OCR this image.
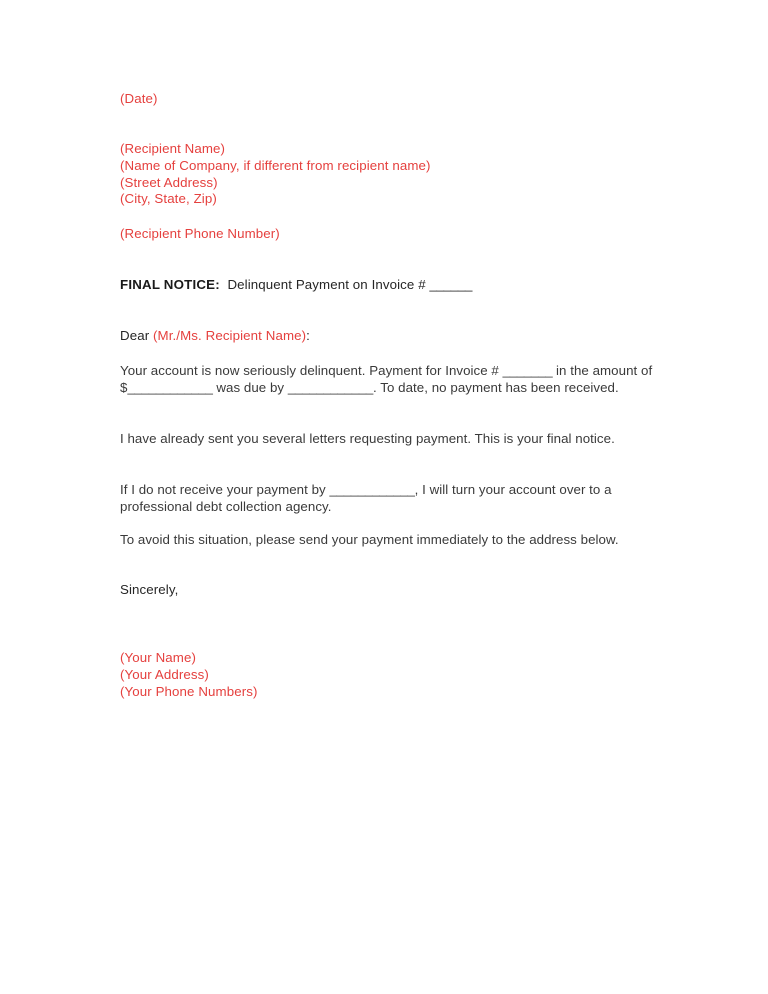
(Date)
(Recipient Name)
(Name of Company, if different from recipient name)
(Street Address)
(City, State, Zip)
(Recipient Phone Number)
FINAL NOTICE:  Delinquent Payment on Invoice # ______
Dear (Mr./Ms. Recipient Name):
Your account is now seriously delinquent. Payment for Invoice # _______ in the amount of $____________ was due by ____________. To date, no payment has been received.
I have already sent you several letters requesting payment. This is your final notice.
If I do not receive your payment by ____________, I will turn your account over to a professional debt collection agency.
To avoid this situation, please send your payment immediately to the address below.
Sincerely,
(Your Name)
(Your Address)
(Your Phone Numbers)
